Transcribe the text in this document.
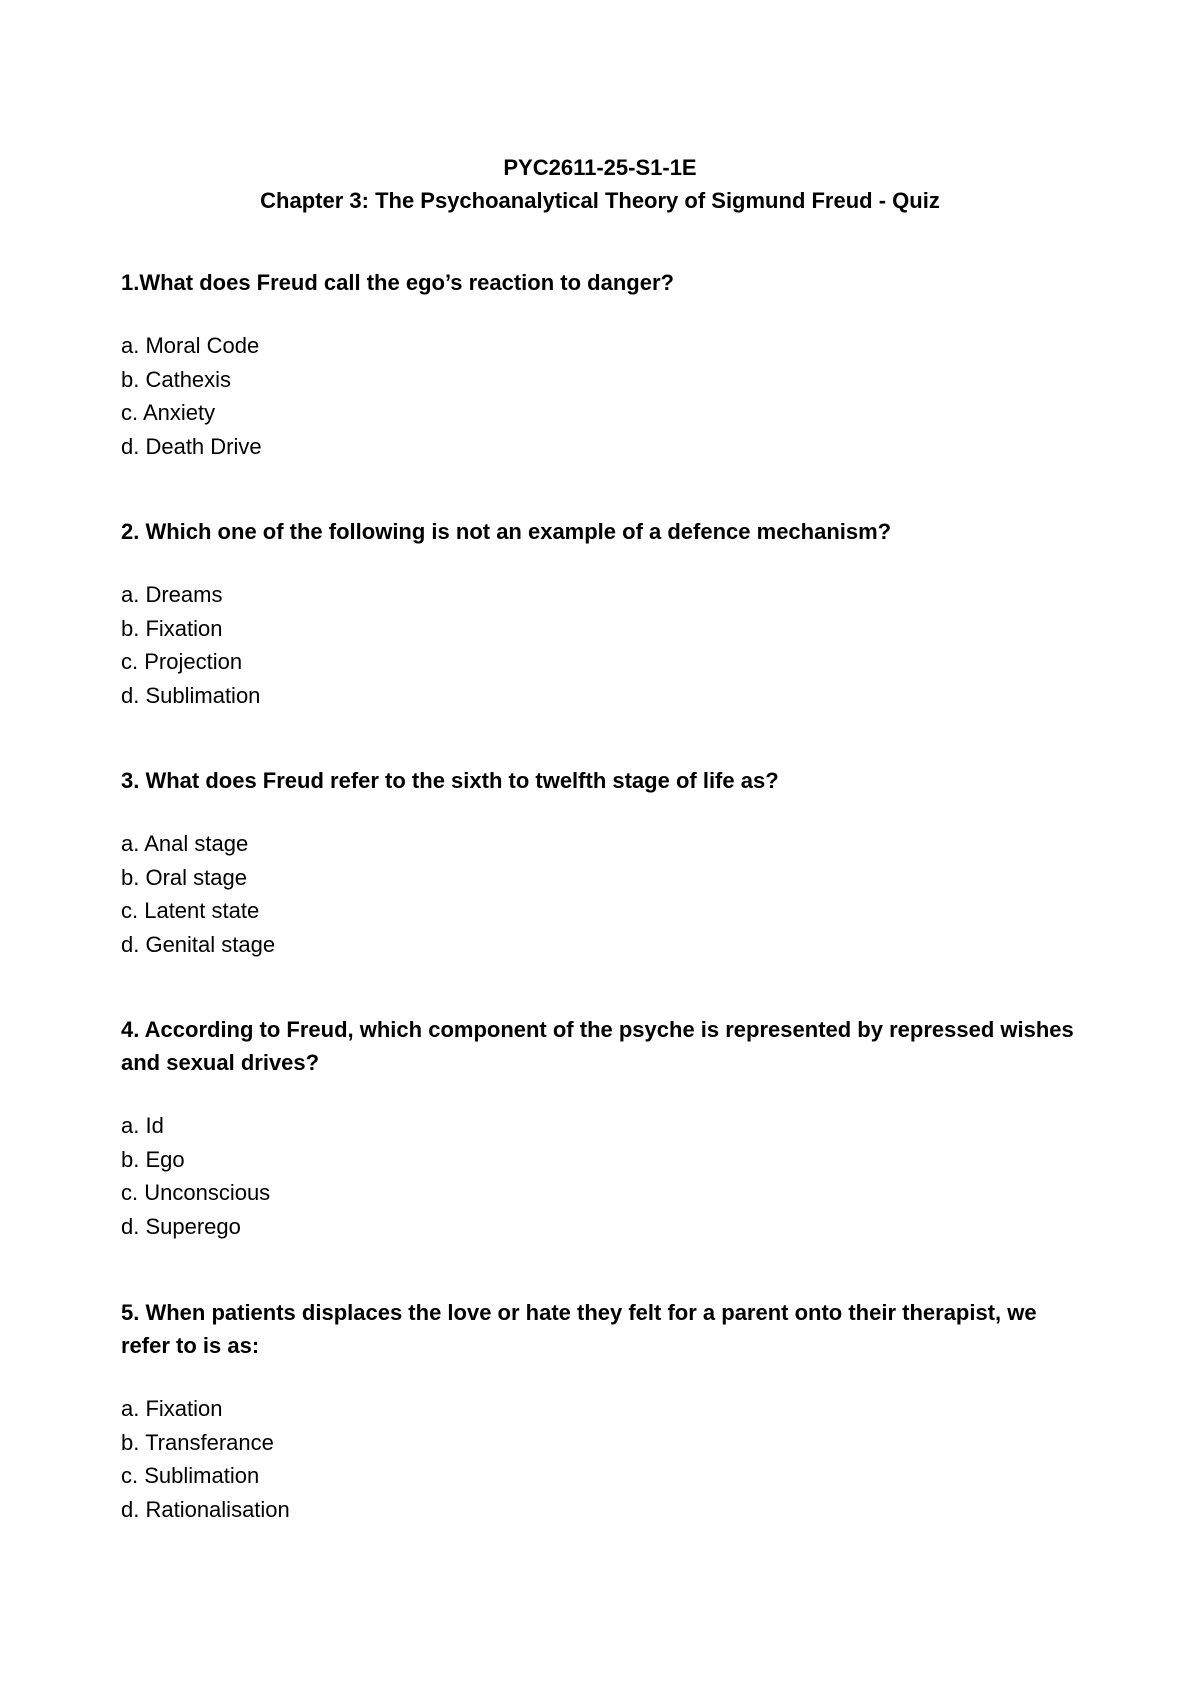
PYC2611-25-S1-1E
Chapter 3: The Psychoanalytical Theory of Sigmund Freud - Quiz

1.What does Freud call the ego’s reaction to danger?

a. Moral Code
b. Cathexis
c. Anxiety
d. Death Drive

2. Which one of the following is not an example of a defence mechanism?

a. Dreams
b. Fixation
c. Projection
d. Sublimation

3. What does Freud refer to the sixth to twelfth stage of life as?

a. Anal stage
b. Oral stage
c. Latent state
d. Genital stage

4. According to Freud, which component of the psyche is represented by repressed wishes and sexual drives?

a. Id
b. Ego
c. Unconscious
d. Superego

5. When patients displaces the love or hate they felt for a parent onto their therapist, we refer to is as:

a. Fixation
b. Transferance
c. Sublimation
d. Rationalisation
